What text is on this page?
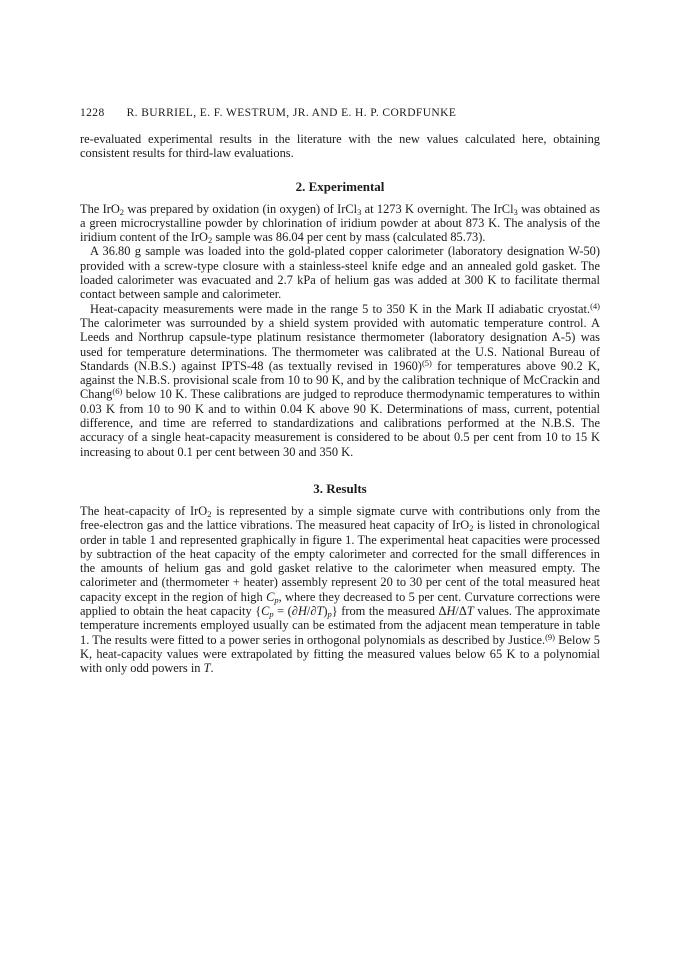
1228 R. BURRIEL, E. F. WESTRUM, JR. AND E. H. P. CORDFUNKE

re-evaluated experimental results in the literature with the new values calculated here, obtaining consistent results for third-law evaluations.

2. Experimental

The IrO$_2$ was prepared by oxidation (in oxygen) of IrCl$_3$ at 1273 K overnight. The IrCl$_3$ was obtained as a green microcrystalline powder by chlorination of iridium powder at about 873 K. The analysis of the iridium content of the IrO$_2$ sample was 86.04 per cent by mass (calculated 85.73).

A 36.80 g sample was loaded into the gold-plated copper calorimeter (laboratory designation W-50) provided with a screw-type closure with a stainless-steel knife edge and an annealed gold gasket. The loaded calorimeter was evacuated and 2.7 kPa of helium gas was added at 300 K to facilitate thermal contact between sample and calorimeter.

Heat-capacity measurements were made in the range 5 to 350 K in the Mark II adiabatic cryostat.$^{(4)}$ The calorimeter was surrounded by a shield system provided with automatic temperature control. A Leeds and Northrup capsule-type platinum resistance thermometer (laboratory designation A-5) was used for temperature determinations. The thermometer was calibrated at the U.S. National Bureau of Standards (N.B.S.) against IPTS-48 (as textually revised in 1960)$^{(5)}$ for temperatures above 90.2 K, against the N.B.S. provisional scale from 10 to 90 K, and by the calibration technique of McCrackin and Chang$^{(6)}$ below 10 K. These calibrations are judged to reproduce thermodynamic temperatures to within 0.03 K from 10 to 90 K and to within 0.04 K above 90 K. Determinations of mass, current, potential difference, and time are referred to standardizations and calibrations performed at the N.B.S. The accuracy of a single heat-capacity measurement is considered to be about 0.5 per cent from 10 to 15 K increasing to about 0.1 per cent between 30 and 350 K.

3. Results

The heat-capacity of IrO$_2$ is represented by a simple sigmate curve with contributions only from the free-electron gas and the lattice vibrations. The measured heat capacity of IrO$_2$ is listed in chronological order in table 1 and represented graphically in figure 1. The experimental heat capacities were processed by subtraction of the heat capacity of the empty calorimeter and corrected for the small differences in the amounts of helium gas and gold gasket relative to the calorimeter when measured empty. The calorimeter and (thermometer + heater) assembly represent 20 to 30 per cent of the total measured heat capacity except in the region of high $C_p$, where they decreased to 5 per cent. Curvature corrections were applied to obtain the heat capacity $\{C_p = (\partial H/\partial T)_p\}$ from the measured ΔH/ΔT values. The approximate temperature increments employed usually can be estimated from the adjacent mean temperature in table 1. The results were fitted to a power series in orthogonal polynomials as described by Justice.$^{(9)}$ Below 5 K, heat-capacity values were extrapolated by fitting the measured values below 65 K to a polynomial with only odd powers in T.
